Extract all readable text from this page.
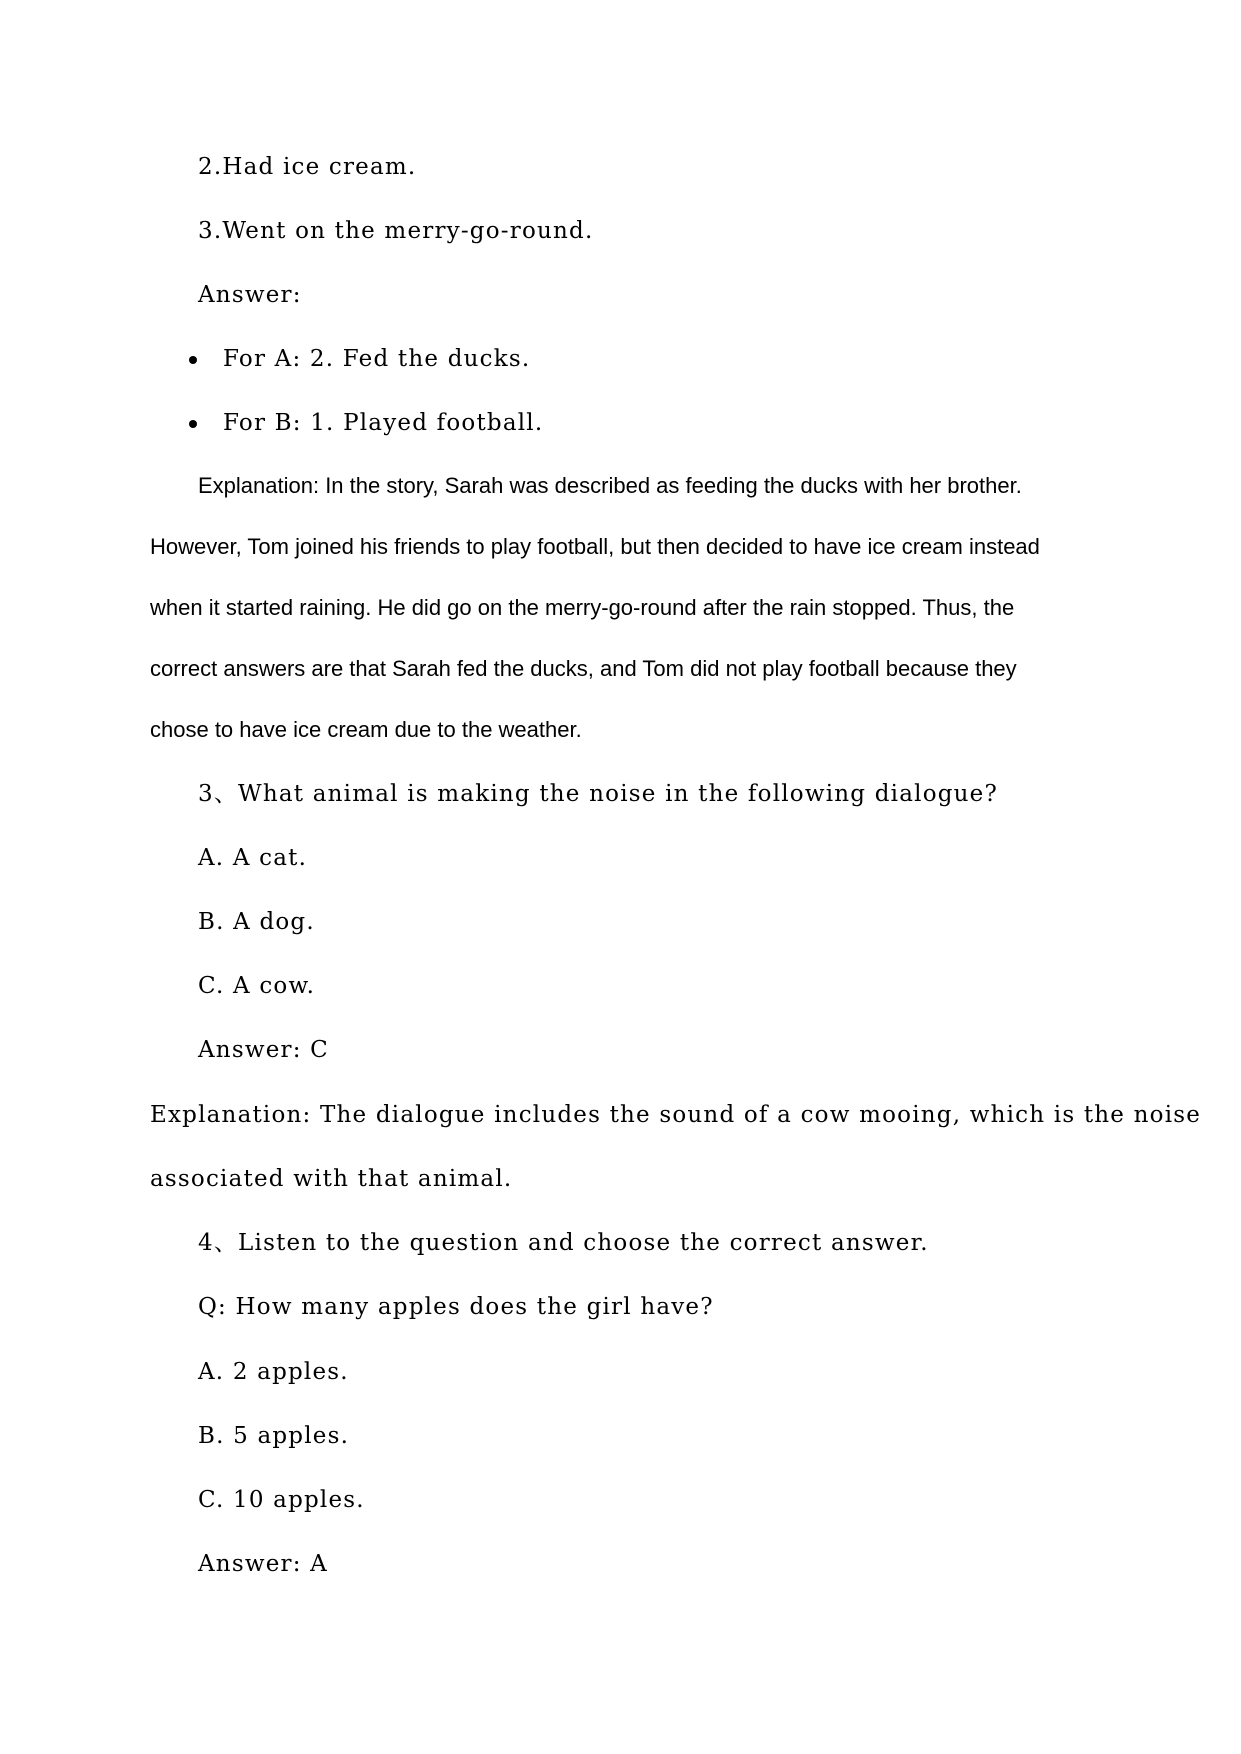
2.Had ice cream.
3.Went on the merry-go-round.
Answer:
For A: 2. Fed the ducks.
For B: 1. Played football.
Explanation: In the story, Sarah was described as feeding the ducks with her brother.
However, Tom joined his friends to play football, but then decided to have ice cream instead
when it started raining. He did go on the merry-go-round after the rain stopped. Thus, the
correct answers are that Sarah fed the ducks, and Tom did not play football because they
chose to have ice cream due to the weather.
3、What animal is making the noise in the following dialogue?
A. A cat.
B. A dog.
C. A cow.
Answer: C
Explanation: The dialogue includes the sound of a cow mooing, which is the noise
associated with that animal.
4、Listen to the question and choose the correct answer.
Q: How many apples does the girl have?
A. 2 apples.
B. 5 apples.
C. 10 apples.
Answer: A
